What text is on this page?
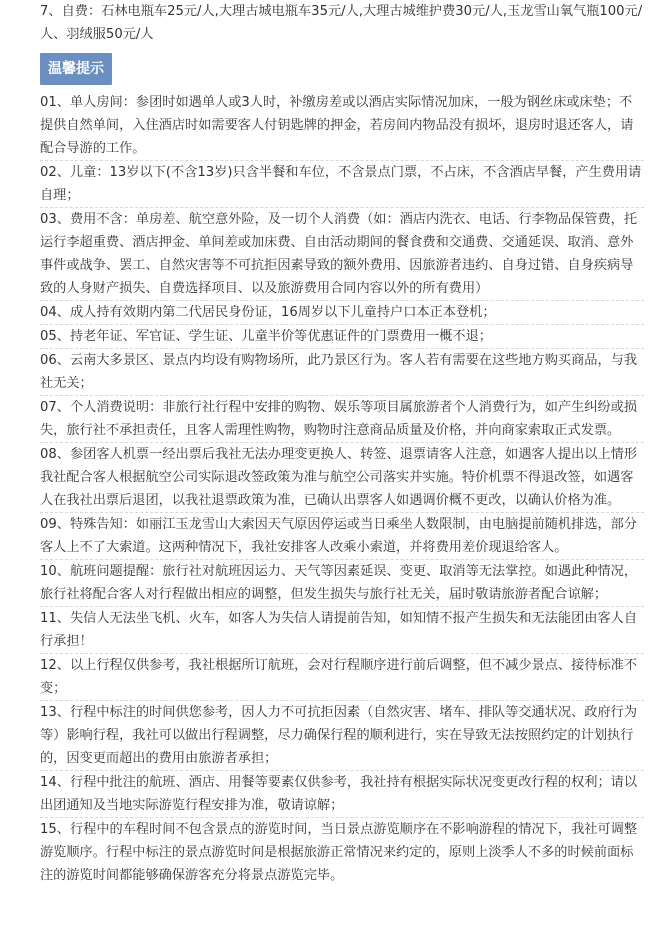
7、自费：石林电瓶车25元/人,大理古城电瓶车35元/人,大理古城维护费30元/人,玉龙雪山氧气瓶100元/人、羽绒服50元/人

温馨提示

01、单人房间：参团时如遇单人或3人时，补缴房差或以酒店实际情况加床，一般为钢丝床或床垫；不提供自然单间，入住酒店时如需要客人付钥匙牌的押金，若房间内物品没有损坏，退房时退还客人，请配合导游的工作。

02、儿童：13岁以下(不含13岁)只含半餐和车位，不含景点门票，不占床，不含酒店早餐，产生费用请自理；

03、费用不含：单房差、航空意外险，及一切个人消费（如：酒店内洗衣、电话、行李物品保管费，托运行李超重费、酒店押金、单间差或加床费、自由活动期间的餐食费和交通费、交通延误、取消、意外事件或战争、罢工、自然灾害等不可抗拒因素导致的额外费用、因旅游者违约、自身过错、自身疾病导致的人身财产损失、自费选择项目、以及旅游费用合同内容以外的所有费用）

04、成人持有效期内第二代居民身份证，16周岁以下儿童持户口本正本登机；

05、持老年证、军官证、学生证、儿童半价等优惠证件的门票费用一概不退；

06、云南大多景区、景点内均设有购物场所，此乃景区行为。客人若有需要在这些地方购买商品，与我社无关；

07、个人消费说明：非旅行社行程中安排的购物、娱乐等项目属旅游者个人消费行为，如产生纠纷或损失，旅行社不承担责任，且客人需理性购物，购物时注意商品质量及价格，并向商家索取正式发票。

08、参团客人机票一经出票后我社无法办理变更换人、转签、退票请客人注意，如遇客人提出以上情形我社配合客人根据航空公司实际退改签政策为准与航空公司落实并实施。特价机票不得退改签，如遇客人在我社出票后退团，以我社退票政策为准，已确认出票客人如遇调价概不更改，以确认价格为准。

09、特殊告知：如丽江玉龙雪山大索因天气原因停运或当日乘坐人数限制，由电脑提前随机排选，部分客人上不了大索道。这两种情况下，我社安排客人改乘小索道，并将费用差价现退给客人。

10、航班问题提醒：旅行社对航班因运力、天气等因素延误、变更、取消等无法掌控。如遇此种情况，旅行社将配合客人对行程做出相应的调整，但发生损失与旅行社无关，届时敬请旅游者配合谅解；

11、失信人无法坐飞机、火车，如客人为失信人请提前告知，如知情不报产生损失和无法能团由客人自行承担！

12、以上行程仅供参考，我社根据所订航班，会对行程顺序进行前后调整，但不减少景点、接待标准不变；

13、行程中标注的时间供您参考，因人力不可抗拒因素（自然灾害、堵车、排队等交通状况、政府行为等）影响行程，我社可以做出行程调整，尽力确保行程的顺利进行，实在导致无法按照约定的计划执行的，因变更而超出的费用由旅游者承担；

14、行程中批注的航班、酒店、用餐等要素仅供参考，我社持有根据实际状况变更改行程的权利；请以出团通知及当地实际游览行程安排为准，敬请谅解；

15、行程中的车程时间不包含景点的游览时间，当日景点游览顺序在不影响游程的情况下，我社可调整游览顺序。行程中标注的景点游览时间是根据旅游正常情况来约定的，原则上淡季人不多的时候前面标注的游览时间都能够确保游客充分将景点游览完毕。
